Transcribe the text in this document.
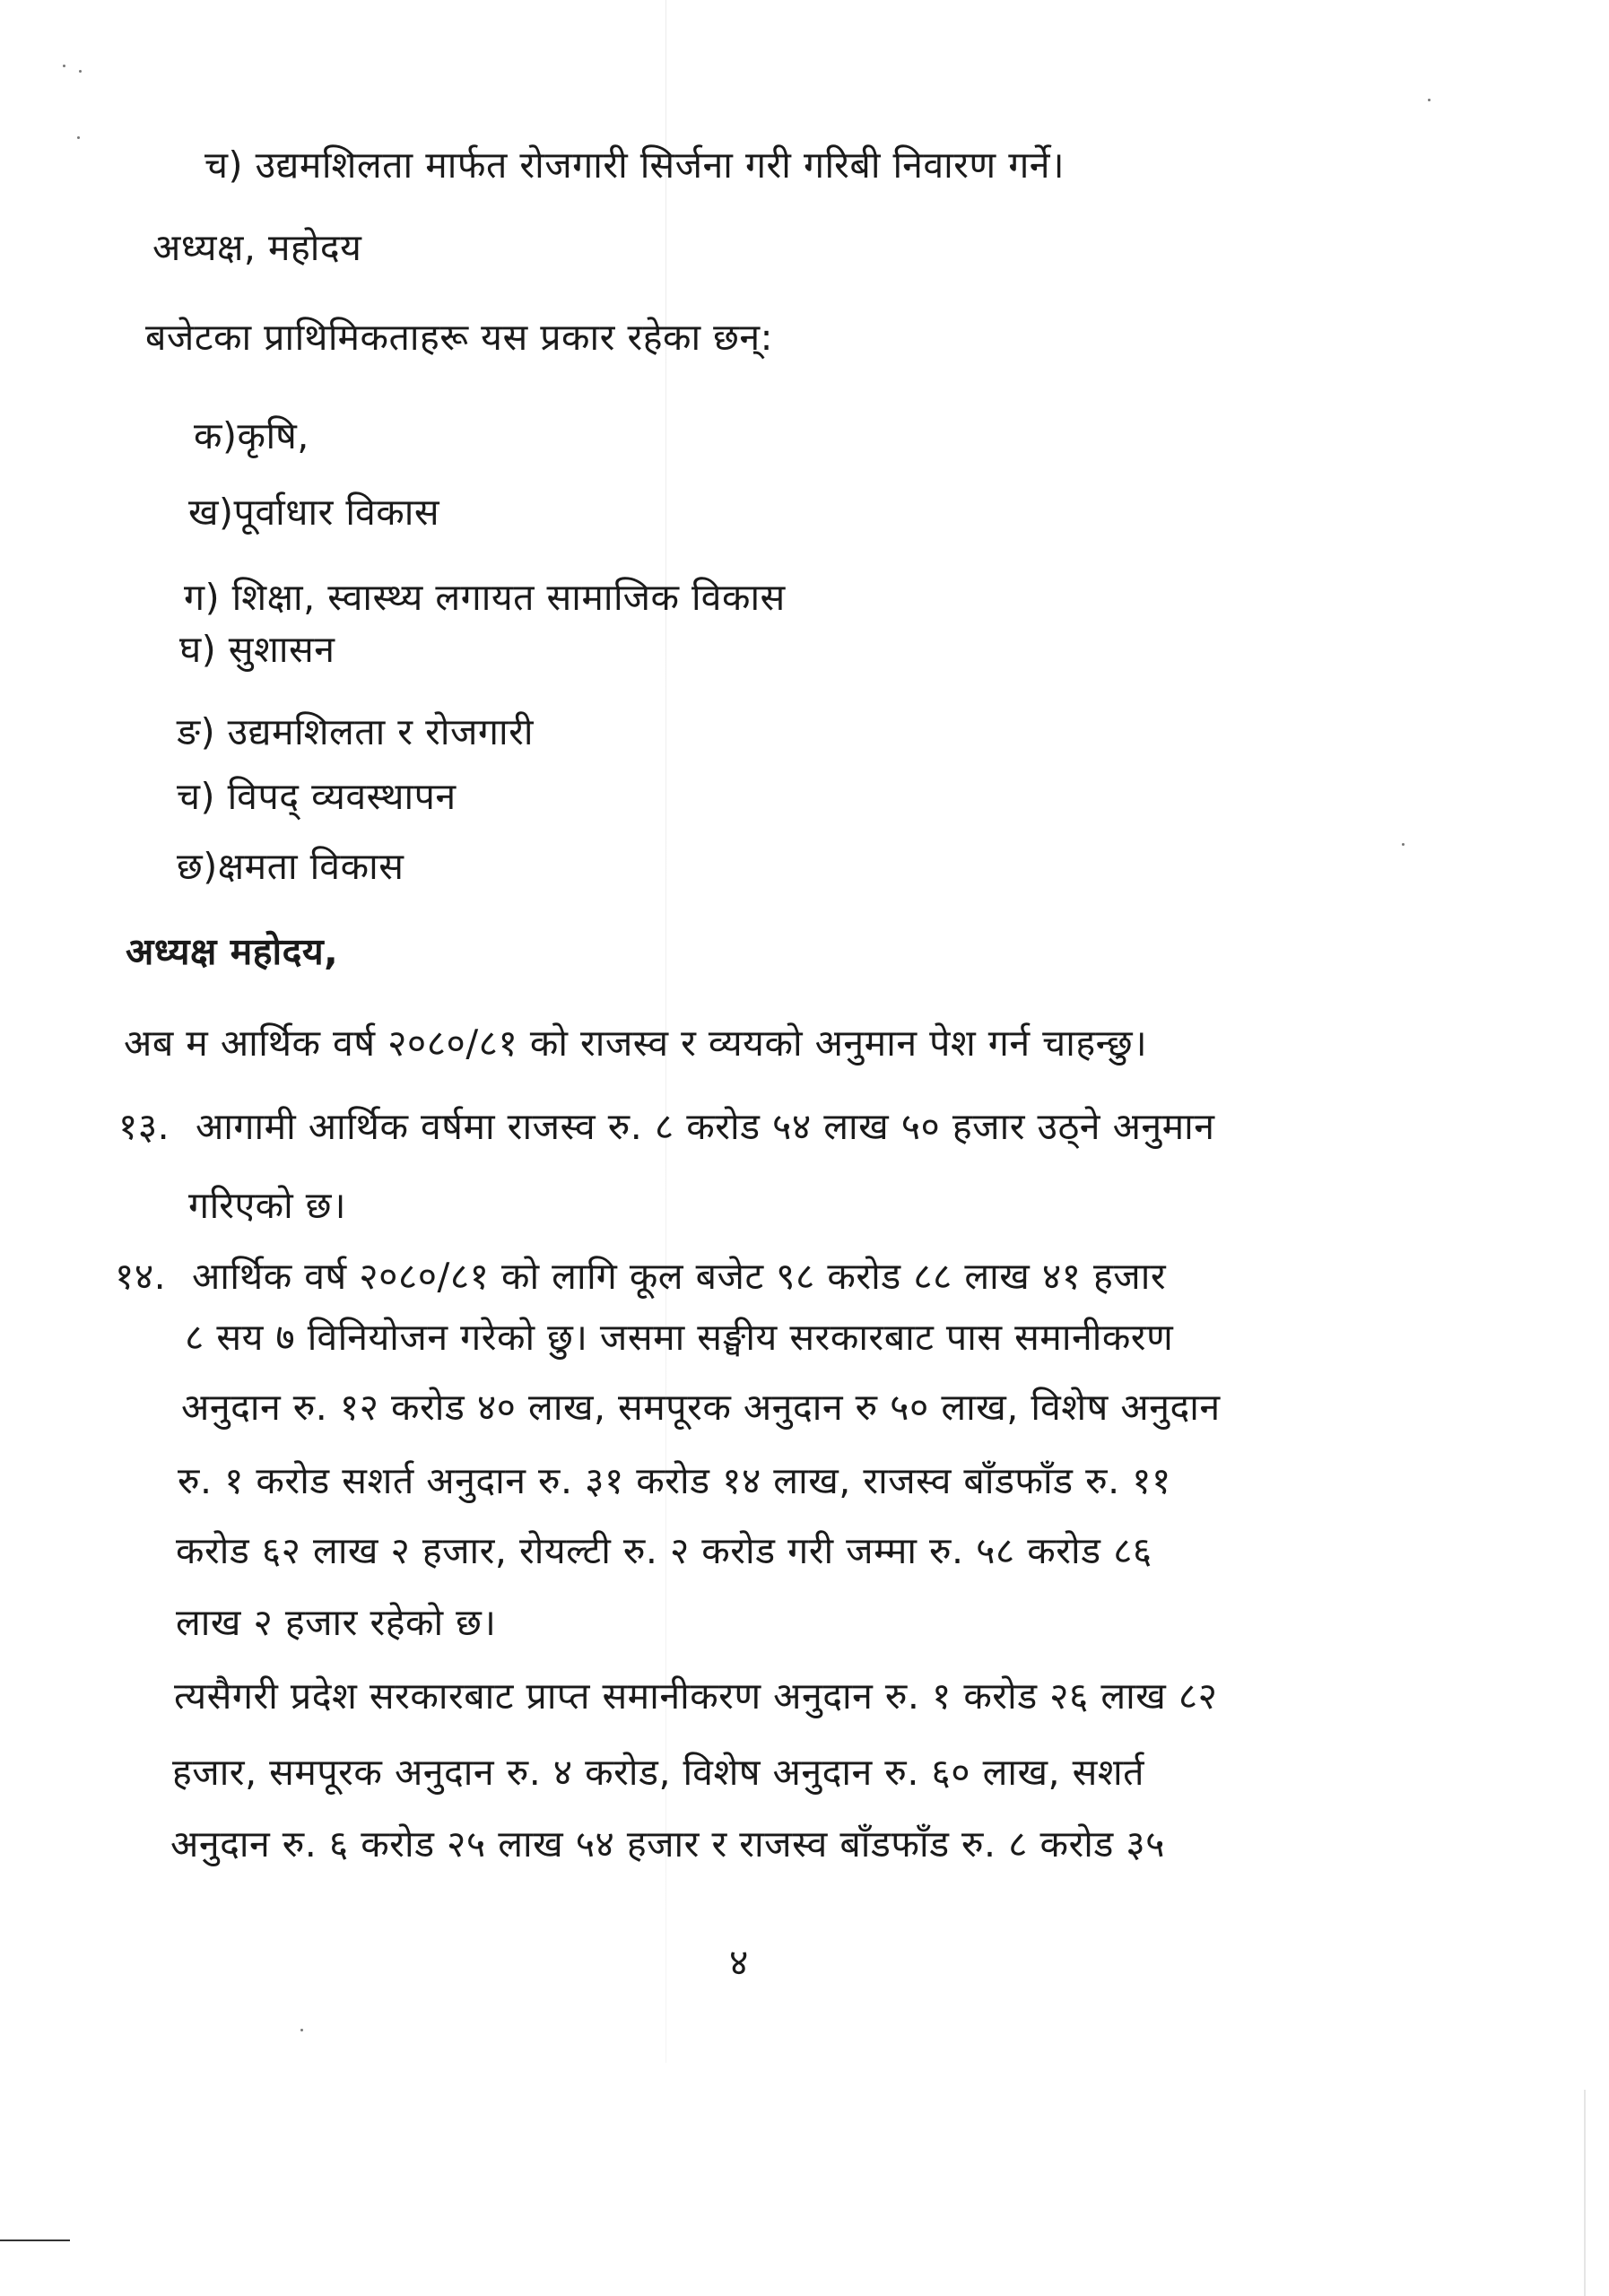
च) उद्यमशिलता मार्फत रोजगारी सिर्जना गरी गरिबी निवारण गर्ने।
अध्यक्ष, महोदय
बजेटका प्राथिमिकताहरू यस प्रकार रहेका छन्:
क)कृषि,
ख)पूर्वाधार विकास
ग) शिक्षा, स्वास्थ्य लगायत सामाजिक विकास
घ) सुशासन
ङ) उद्यमशिलता र रोजगारी
च) विपद् व्यवस्थापन
छ)क्षमता विकास
अध्यक्ष महोदय,
अब म आर्थिक वर्ष २०८०/८१ को राजस्व र व्ययको अनुमान पेश गर्न चाहन्छु।
१३. आगामी आर्थिक वर्षमा राजस्व रु. ८ करोड ५४ लाख ५० हजार उठ्ने अनुमान
गरिएको छ।
१४. आर्थिक वर्ष २०८०/८१ को लागि कूल बजेट ९८ करोड ८८ लाख ४१ हजार
८ सय ७ विनियोजन गरेको छु। जसमा सङ्घीय सरकारबाट पास समानीकरण
अनुदान रु. १२ करोड ४० लाख, समपूरक अनुदान रु ५० लाख, विशेष अनुदान
रु. १ करोड सशर्त अनुदान रु. ३१ करोड १४ लाख, राजस्व बाँडफाँड रु. ११
करोड ६२ लाख २ हजार, रोयल्टी रु. २ करोड गरी जम्मा रु. ५८ करोड ८६
लाख २ हजार रहेको छ।
त्यसैगरी प्रदेश सरकारबाट प्राप्त समानीकरण अनुदान रु. १ करोड २६ लाख ८२
हजार, समपूरक अनुदान रु. ४ करोड, विशेष अनुदान रु. ६० लाख, सशर्त
अनुदान रु. ६ करोड २५ लाख ५४ हजार र राजस्व बाँडफाँड रु. ८ करोड ३५
४
